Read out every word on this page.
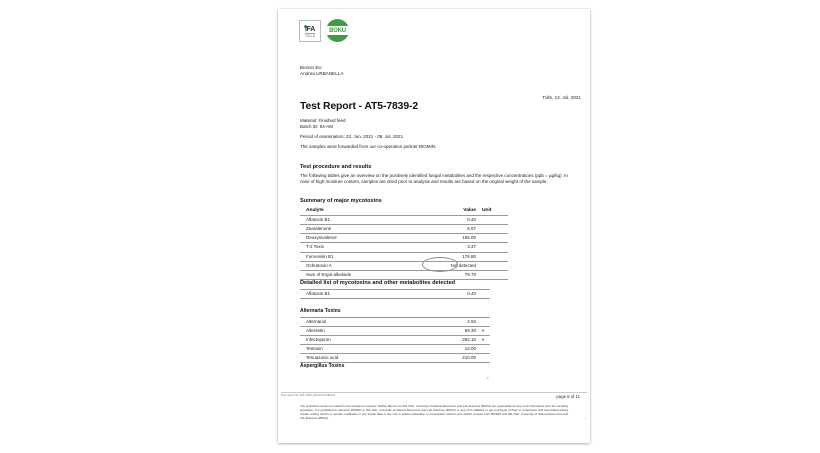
IFA
TULLN
BOKU
Biomin EU
Andrea URBANELLA
Tulln, 12. Jul. 2021
Test Report - AT5-7839-2
Material: Finished feed
Batch ID: 94-AM
Period of examination: 22. Jun. 2021 - 08. Jul. 2021
The samples were forwarded from our co-operation partner BIOMIN.
Test procedure and results
The following tables give an overview on the positively identified fungal metabolites and the respective concentrations (ppb = µg/kg). In case of high moisture content, samples are dried prior to analysis and results are based on the original weight of the sample.
Summary of major mycotoxins
Analyte	Value	Unit
Aflatoxin B1	0.40	
Zearalenone	6.57	
Deoxynivalenol	165.00	
T-2 Toxin	3.37	
Fumonisin B1	176.80	
Ochratoxin A	Not detected	
Sum of Ergot alkaloids	79.70	
Detailed list of mycotoxins and other metabolites detected
Aflatoxin B1	0.40	
Alternaria Toxins
Alternariol	2.92	
Altersetin	59.30	∗
Infectopyron	292.10	∗
Tentoxin	12.00	
Tenuazonic acid	210.00	
Aspergillus Toxins
∗
Test report ID: AT5-7839_20210713-080141	page 6 of 11
The submitted results are related to the sample as received. Neither Biomin nor IFA-Tulln, University of Natural Resources and Life Sciences (BOKU) are responsible for any errors that derive from the sampling procedure. It is prohibited to reference BIOMIN or IFA-Tulln, University of Natural Resources and Life Sciences (BOKU) or any of its affiliates or any employee of them in conjunction with transmitted testing results, testing reports or sample certificates or any similar data in any oral or written publication or presentation without prior written consent from BIOMIN and IFA-Tulln, University of Natural Resources and Life Sciences (BOKU).
